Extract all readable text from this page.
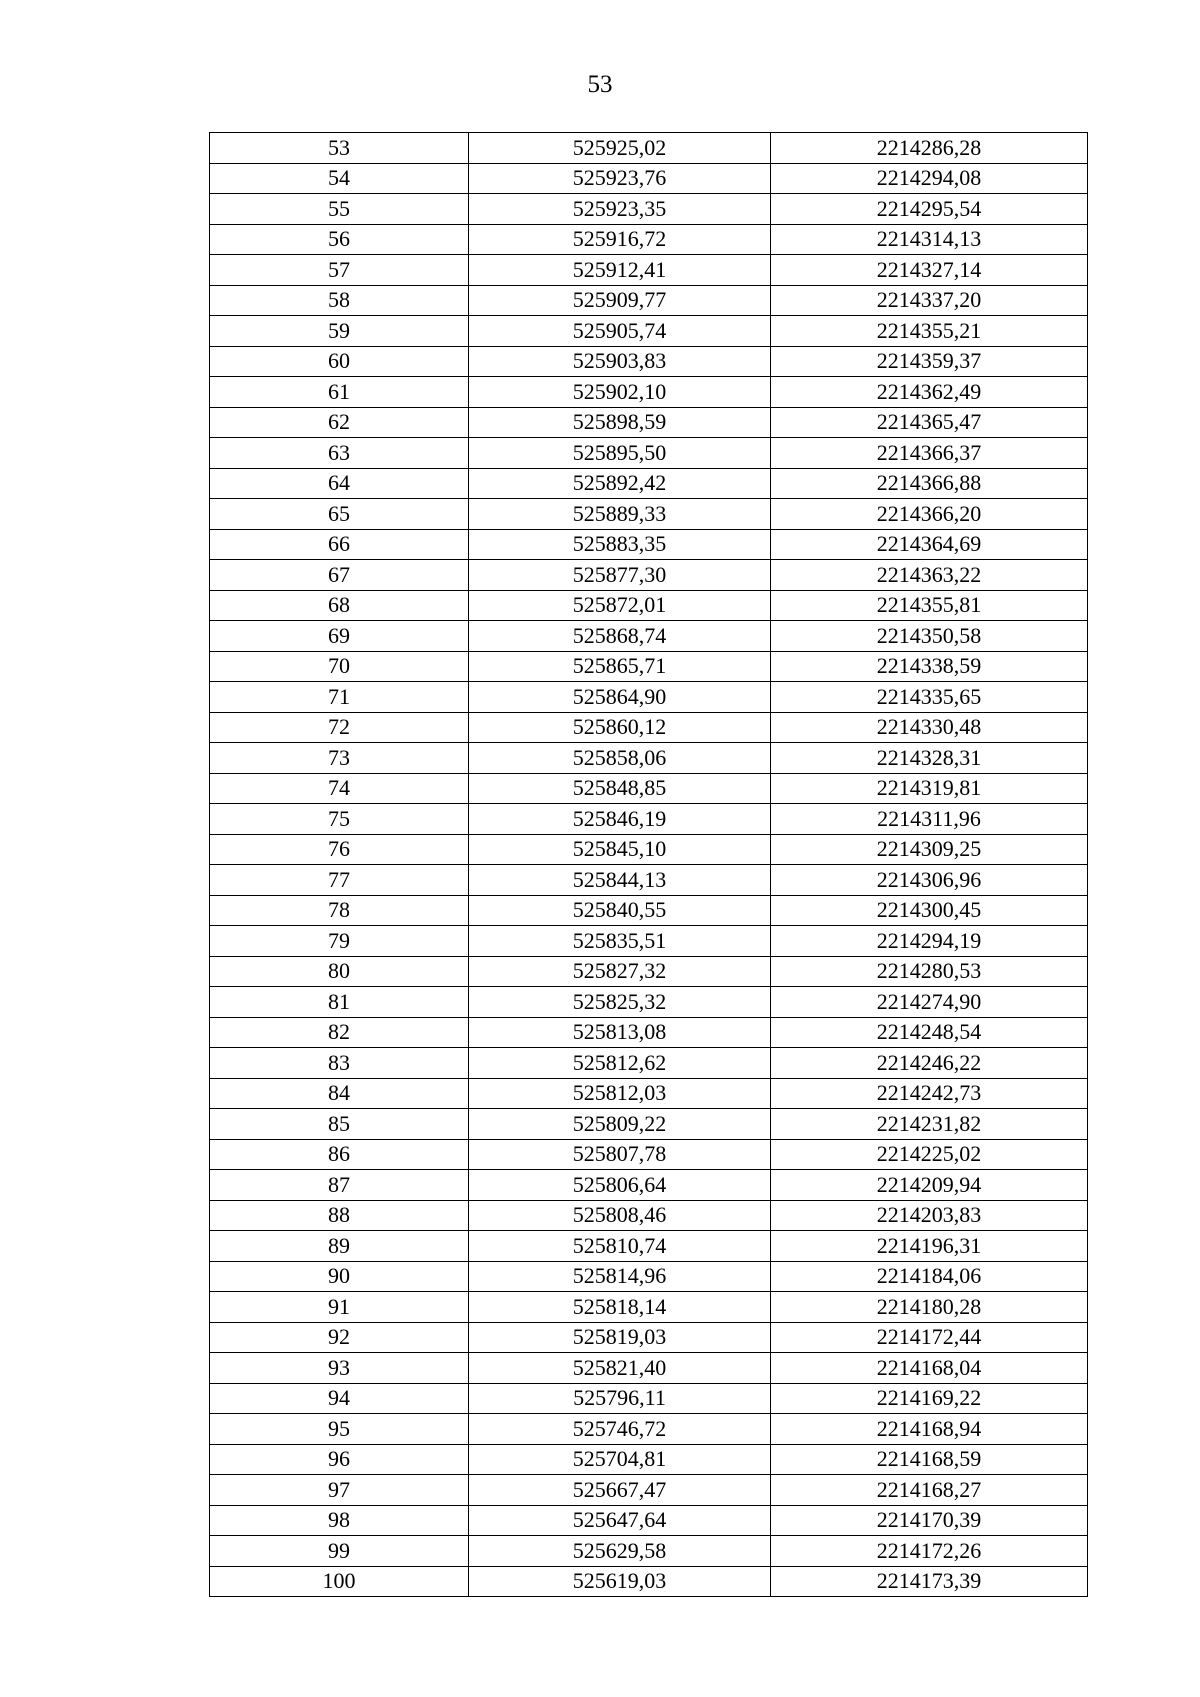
53
53	525925,02	2214286,28
54	525923,76	2214294,08
55	525923,35	2214295,54
56	525916,72	2214314,13
57	525912,41	2214327,14
58	525909,77	2214337,20
59	525905,74	2214355,21
60	525903,83	2214359,37
61	525902,10	2214362,49
62	525898,59	2214365,47
63	525895,50	2214366,37
64	525892,42	2214366,88
65	525889,33	2214366,20
66	525883,35	2214364,69
67	525877,30	2214363,22
68	525872,01	2214355,81
69	525868,74	2214350,58
70	525865,71	2214338,59
71	525864,90	2214335,65
72	525860,12	2214330,48
73	525858,06	2214328,31
74	525848,85	2214319,81
75	525846,19	2214311,96
76	525845,10	2214309,25
77	525844,13	2214306,96
78	525840,55	2214300,45
79	525835,51	2214294,19
80	525827,32	2214280,53
81	525825,32	2214274,90
82	525813,08	2214248,54
83	525812,62	2214246,22
84	525812,03	2214242,73
85	525809,22	2214231,82
86	525807,78	2214225,02
87	525806,64	2214209,94
88	525808,46	2214203,83
89	525810,74	2214196,31
90	525814,96	2214184,06
91	525818,14	2214180,28
92	525819,03	2214172,44
93	525821,40	2214168,04
94	525796,11	2214169,22
95	525746,72	2214168,94
96	525704,81	2214168,59
97	525667,47	2214168,27
98	525647,64	2214170,39
99	525629,58	2214172,26
100	525619,03	2214173,39
